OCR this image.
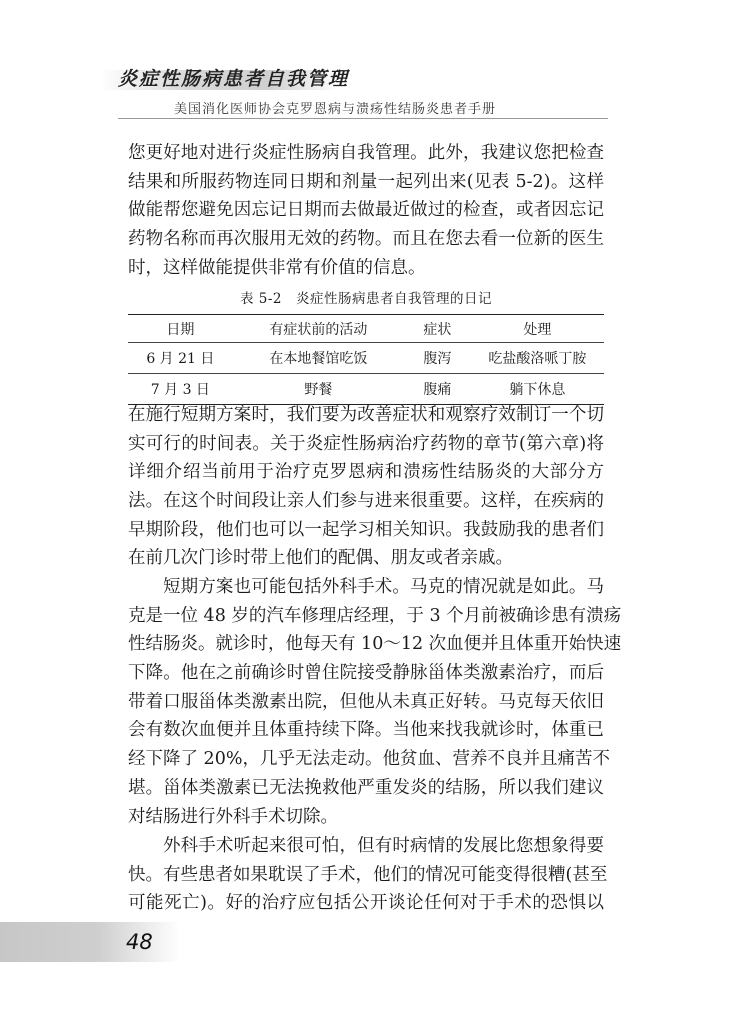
炎症性肠病患者自我管理
美国消化医师协会克罗恩病与溃疡性结肠炎患者手册
您更好地对进行炎症性肠病自我管理。此外，我建议您把检查
结果和所服药物连同日期和剂量一起列出来(见表 5-2)。这样
做能帮您避免因忘记日期而去做最近做过的检查，或者因忘记
药物名称而再次服用无效的药物。而且在您去看一位新的医生
时，这样做能提供非常有价值的信息。
表 5-2　炎症性肠病患者自我管理的日记
日期	有症状前的活动	症状	处理
6 月 21 日	在本地餐馆吃饭	腹泻	吃盐酸洛哌丁胺
7 月 3 日	野餐	腹痛	躺下休息
在施行短期方案时，我们要为改善症状和观察疗效制订一个切
实可行的时间表。关于炎症性肠病治疗药物的章节(第六章)将
详细介绍当前用于治疗克罗恩病和溃疡性结肠炎的大部分方
法。在这个时间段让亲人们参与进来很重要。这样，在疾病的
早期阶段，他们也可以一起学习相关知识。我鼓励我的患者们
在前几次门诊时带上他们的配偶、朋友或者亲戚。
短期方案也可能包括外科手术。马克的情况就是如此。马
克是一位 48 岁的汽车修理店经理，于 3 个月前被确诊患有溃疡
性结肠炎。就诊时，他每天有 10～12 次血便并且体重开始快速
下降。他在之前确诊时曾住院接受静脉甾体类激素治疗，而后
带着口服甾体类激素出院，但他从未真正好转。马克每天依旧
会有数次血便并且体重持续下降。当他来找我就诊时，体重已
经下降了 20%，几乎无法走动。他贫血、营养不良并且痛苦不
堪。甾体类激素已无法挽救他严重发炎的结肠，所以我们建议
对结肠进行外科手术切除。
外科手术听起来很可怕，但有时病情的发展比您想象得要
快。有些患者如果耽误了手术，他们的情况可能变得很糟(甚至
可能死亡)。好的治疗应包括公开谈论任何对于手术的恐惧以
48
